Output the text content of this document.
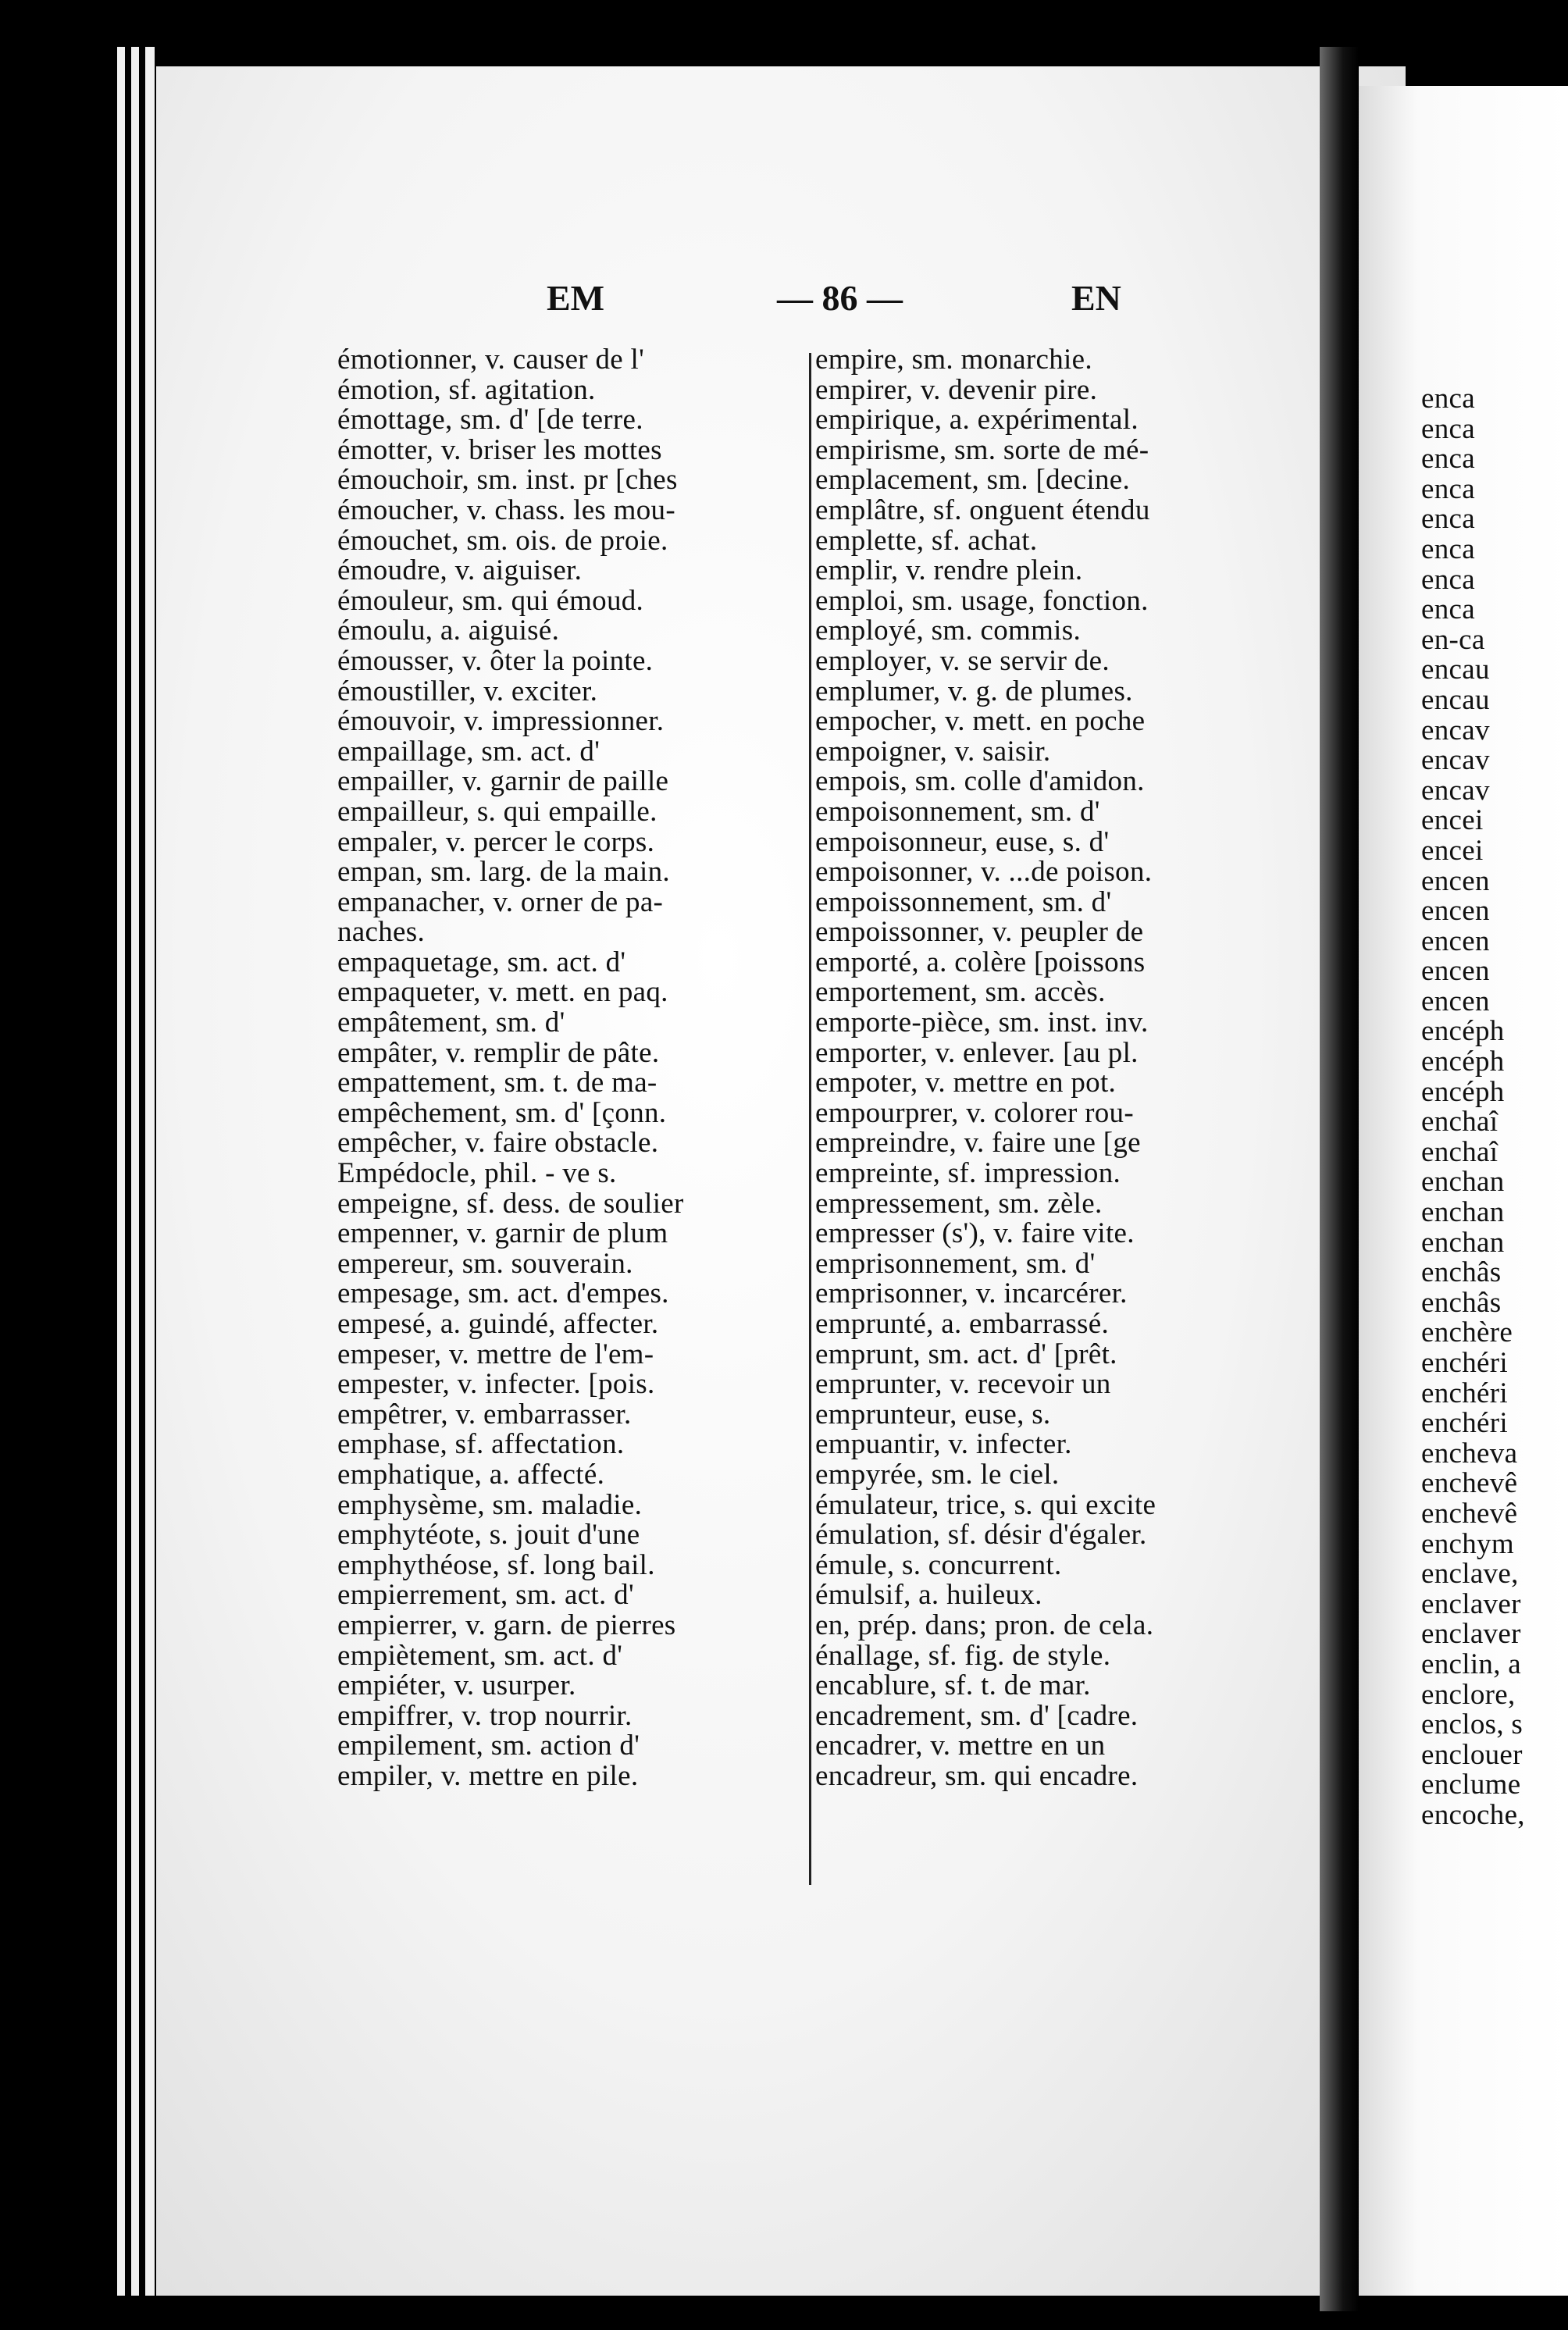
EM	— 86 —	EN
émotionner, v. causer de l'
émotion, sf. agitation.
émottage, sm. d' [de terre.
émotter, v. briser les mottes
émouchoir, sm. inst. pr [ches
émoucher, v. chass. les mou-
émouchet, sm. ois. de proie.
émoudre, v. aiguiser.
émouleur, sm. qui émoud.
émoulu, a. aiguisé.
émousser, v. ôter la pointe.
émoustiller, v. exciter.
émouvoir, v. impressionner.
empaillage, sm. act. d'
empailler, v. garnir de paille
empailleur, s. qui empaille.
empaler, v. percer le corps.
empan, sm. larg. de la main.
empanacher, v. orner de pa-
naches.
empaquetage, sm. act. d'
empaqueter, v. mett. en paq.
empâtement, sm. d'
empâter, v. remplir de pâte.
empattement, sm. t. de ma-
empêchement, sm. d' [çonn.
empêcher, v. faire obstacle.
Empédocle, phil. - ve s.
empeigne, sf. dess. de soulier
empenner, v. garnir de plum
empereur, sm. souverain.
empesage, sm. act. d'empes.
empesé, a. guindé, affecter.
empeser, v. mettre de l'em-
empester, v. infecter. [pois.
empêtrer, v. embarrasser.
emphase, sf. affectation.
emphatique, a. affecté.
emphysème, sm. maladie.
emphytéote, s. jouit d'une
emphythéose, sf. long bail.
empierrement, sm. act. d'
empierrer, v. garn. de pierres
empiètement, sm. act. d'
empiéter, v. usurper.
empiffrer, v. trop nourrir.
empilement, sm. action d'
empiler, v. mettre en pile.
empire, sm. monarchie.
empirer, v. devenir pire.
empirique, a. expérimental.
empirisme, sm. sorte de mé-
emplacement, sm. [decine.
emplâtre, sf. onguent étendu
emplette, sf. achat.
emplir, v. rendre plein.
emploi, sm. usage, fonction.
employé, sm. commis.
employer, v. se servir de.
emplumer, v. g. de plumes.
empocher, v. mett. en poche
empoigner, v. saisir.
empois, sm. colle d'amidon.
empoisonnement, sm. d'
empoisonneur, euse, s. d'
empoisonner, v. ...de poison.
empoissonnement, sm. d'
empoissonner, v. peupler de
emporté, a. colère [poissons
emportement, sm. accès.
emporte-pièce, sm. inst. inv.
emporter, v. enlever. [au pl.
empoter, v. mettre en pot.
empourprer, v. colorer rou-
empreindre, v. faire une [ge
empreinte, sf. impression.
empressement, sm. zèle.
empresser (s'), v. faire vite.
emprisonnement, sm. d'
emprisonner, v. incarcérer.
emprunté, a. embarrassé.
emprunt, sm. act. d' [prêt.
emprunter, v. recevoir un
emprunteur, euse, s.
empuantir, v. infecter.
empyrée, sm. le ciel.
émulateur, trice, s. qui excite
émulation, sf. désir d'égaler.
émule, s. concurrent.
émulsif, a. huileux.
en, prép. dans; pron. de cela.
énallage, sf. fig. de style.
encablure, sf. t. de mar.
encadrement, sm. d' [cadre.
encadrer, v. mettre en un
encadreur, sm. qui encadre.
enca
enca
enca
enca
enca
enca
enca
enca
en-ca
encau
encau
encav
encav
encav
encei
encei
encen
encen
encen
encen
encen
encéph
encéph
encéph
enchaî
enchaî
enchan
enchan
enchan
enchâs
enchâs
enchère
enchéri
enchéri
enchéri
encheva
enchevê
enchevê
enchym
enclave,
enclaver
enclaver
enclin, a
enclore,
enclos, s
enclouer
enclume
encoche,
